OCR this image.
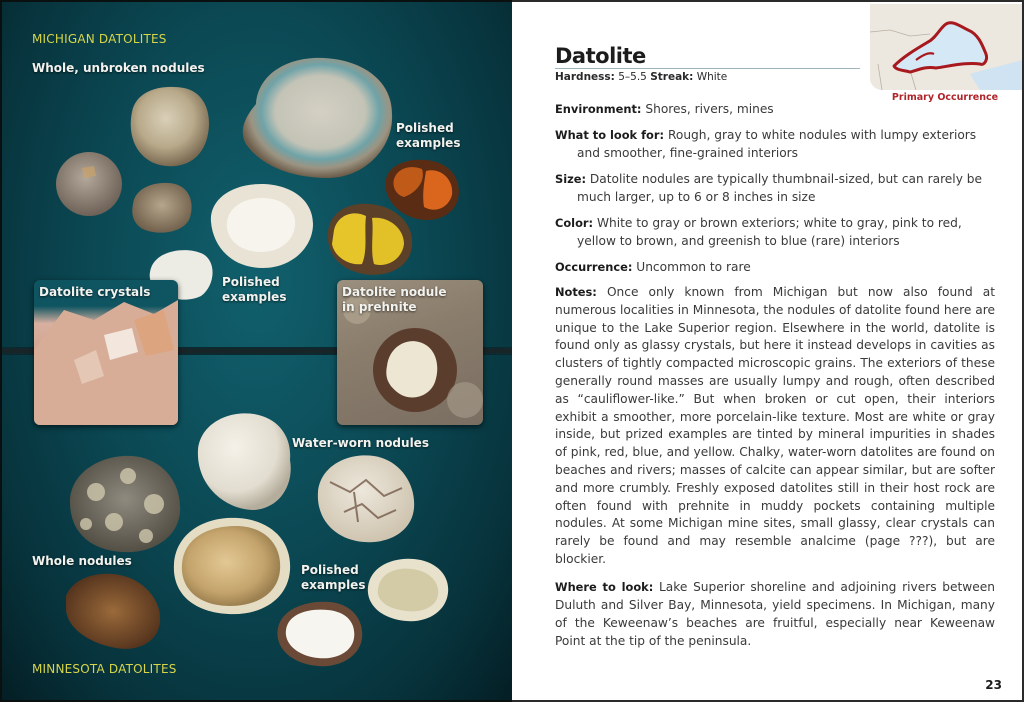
MICHIGAN DATOLITES
Whole, unbroken nodules
Polished
examples
Polished
examples
Datolite crystals	Datolite nodule
in prehnite
Water-worn nodules
Whole nodules
Polished
examples
MINNESOTA DATOLITES
Primary Occurrence
Datolite
Hardness: 5–5.5 Streak: White
Environment: Shores, rivers, mines
What to look for: Rough, gray to white nodules with lumpy exteriors and smoother, fine-grained interiors
Size: Datolite nodules are typically thumbnail-sized, but can rarely be much larger, up to 6 or 8 inches in size
Color: White to gray or brown exteriors; white to gray, pink to red, yellow to brown, and greenish to blue (rare) interiors
Occurrence: Uncommon to rare
Notes: Once only known from Michigan but now also found at numerous localities in Minnesota, the nodules of datolite found here are unique to the Lake Superior region. Elsewhere in the world, datolite is found only as glassy crystals, but here it instead develops in cavities as clusters of tightly compacted microscopic grains. The exteriors of these generally round masses are usually lumpy and rough, often described as “cauliflower-like.” But when broken or cut open, their interiors exhibit a smoother, more porcelain-like texture. Most are white or gray inside, but prized examples are tinted by mineral impurities in shades of pink, red, blue, and yellow. Chalky, water-worn datolites are found on beaches and rivers; masses of calcite can appear similar, but are softer and more crumbly. Freshly exposed datolites still in their host rock are often found with prehnite in muddy pockets containing multiple nodules. At some Michigan mine sites, small glassy, clear crystals can rarely be found and may resemble analcime (page ???), but are blockier.
Where to look: Lake Superior shoreline and adjoining rivers between Duluth and Silver Bay, Minnesota, yield specimens. In Michigan, many of the Keweenaw’s beaches are fruitful, especially near Keweenaw Point at the tip of the peninsula.
23
